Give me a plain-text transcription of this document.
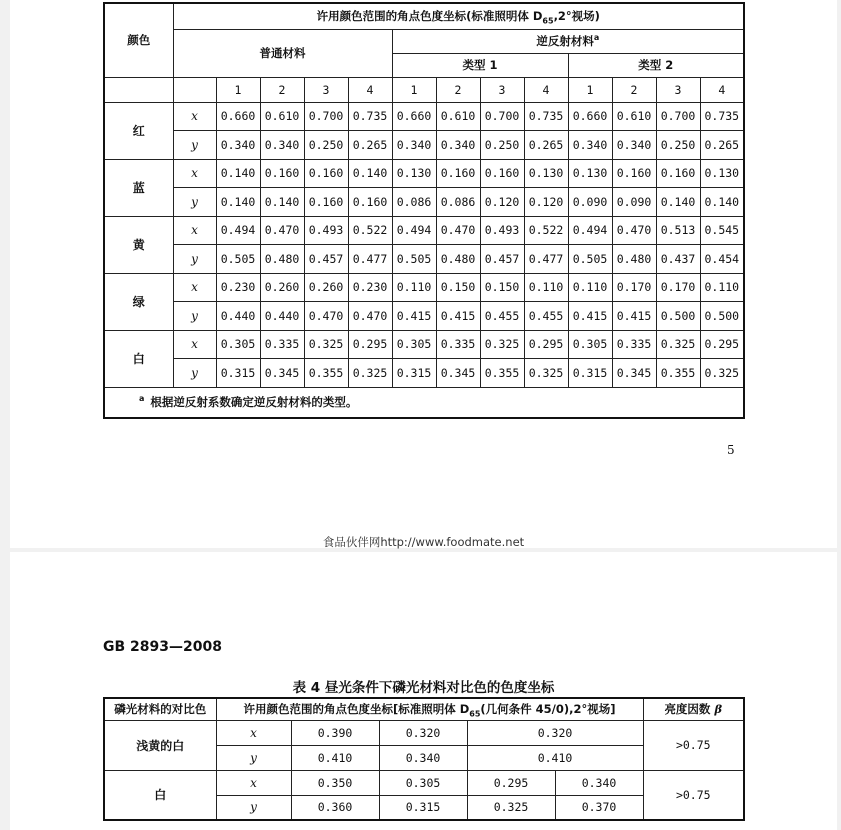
颜色	许用颜色范围的角点色度坐标(标准照明体 $D_{65},2^\circ$视场)												
	普通材料					逆反射材料$^a$
						类型 1				类型 2			
		1	2	3	4	1	2	3	4	1	2	3	4
红	x	0.660	0.610	0.700	0.735	0.660	0.610	0.700	0.735	0.660	0.610	0.700	0.735
	y	0.340	0.340	0.250	0.265	0.340	0.340	0.250	0.265	0.340	0.340	0.250	0.265
蓝	x	0.140	0.160	0.160	0.140	0.130	0.160	0.160	0.130	0.130	0.160	0.160	0.130
	y	0.140	0.140	0.160	0.160	0.086	0.086	0.120	0.120	0.090	0.090	0.140	0.140
黄	x	0.494	0.470	0.493	0.522	0.494	0.470	0.493	0.522	0.494	0.470	0.513	0.545
	y	0.505	0.480	0.457	0.477	0.505	0.480	0.457	0.477	0.505	0.480	0.437	0.454
绿	x	0.230	0.260	0.260	0.230	0.110	0.150	0.150	0.110	0.110	0.170	0.170	0.110
	y	0.440	0.440	0.470	0.470	0.415	0.415	0.455	0.455	0.415	0.415	0.500	0.500
白	x	0.305	0.335	0.325	0.295	0.305	0.335	0.325	0.295	0.305	0.335	0.325	0.295
	y	0.315	0.345	0.355	0.325	0.315	0.345	0.355	0.325	0.315	0.345	0.355	0.325
$^a$ 根据逆反射系数确定逆反射材料的类型。													
5
食品伙伴网http://www.foodmate.net
GB 2893—2008
表 4 昼光条件下磷光材料对比色的色度坐标
磷光材料的对比色	许用颜色范围的角点色度坐标[标准照明体 $D_{65}$(几何条件 45/0),2°视场]					亮度因数 β
浅黄的白	x	0.390	0.320	0.320		>0.75
	y	0.410	0.340	0.410		
白	x	0.350	0.305	0.295	0.340	>0.75
	y	0.360	0.315	0.325	0.370	
